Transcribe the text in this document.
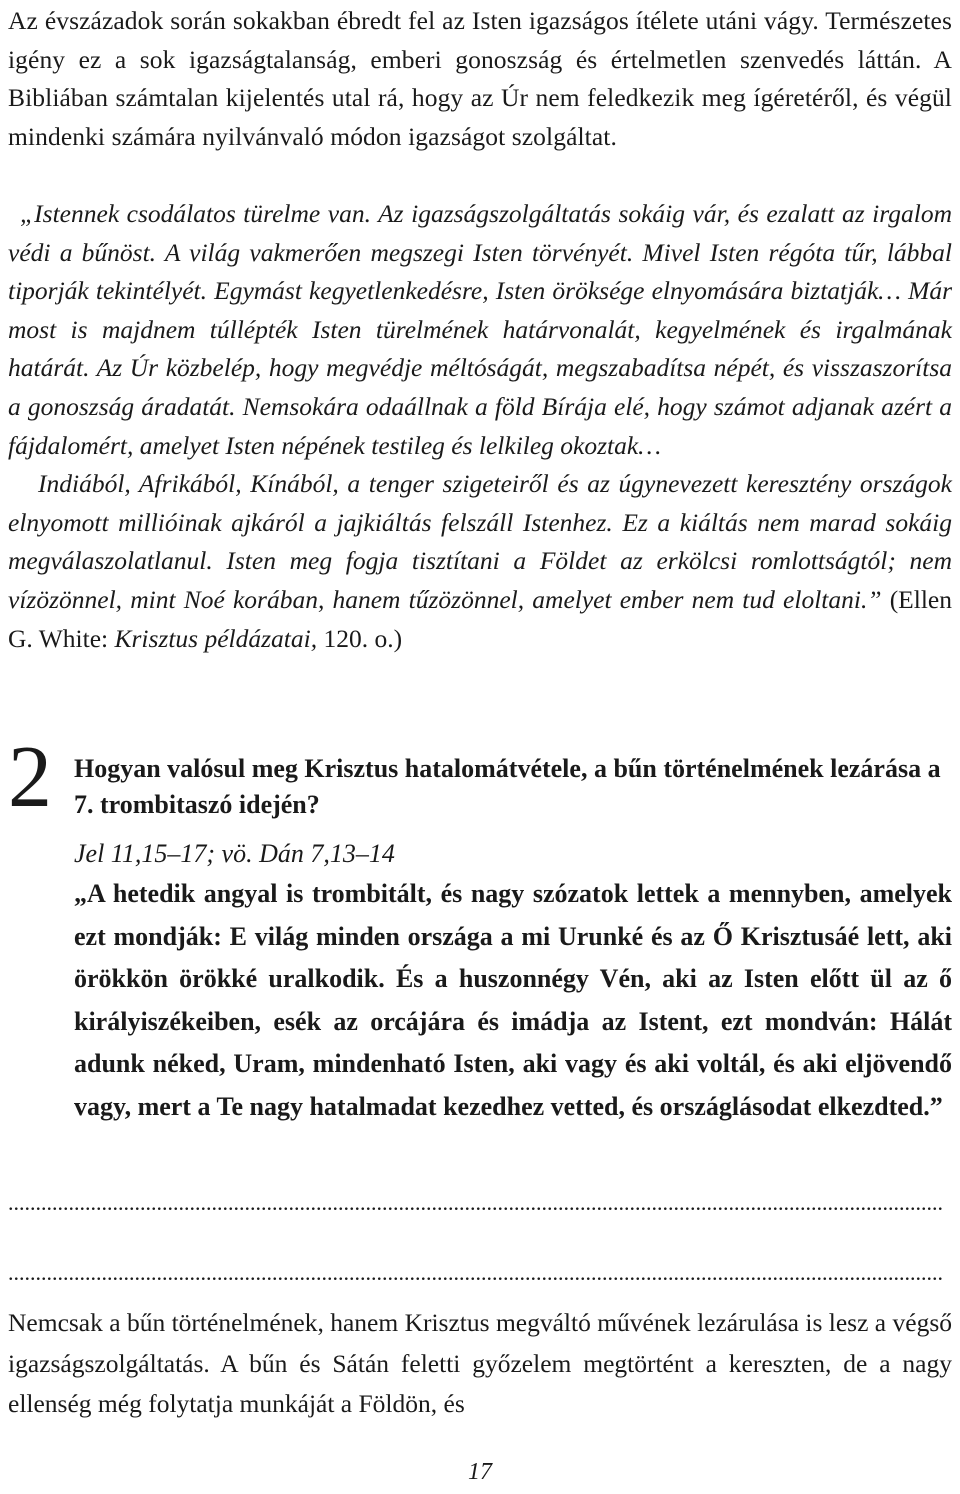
Az évszázadok során sokakban ébredt fel az Isten igazságos ítélete utáni vágy. Természetes igény ez a sok igazságtalanság, emberi gonoszság és értelmetlen szenvedés láttán. A Bibliában számtalan kijelentés utal rá, hogy az Úr nem feledkezik meg ígéretéről, és végül mindenki számára nyilvánvaló módon igazságot szolgáltat.

„Istennek csodálatos türelme van. Az igazságszolgáltatás sokáig vár, és ezalatt az irgalom védi a bűnöst. A világ vakmerően megszegi Isten törvényét. Mivel Isten régóta tűr, lábbal tiporják tekintélyét. Egymást kegyetlenkedésre, Isten öröksége elnyomására biztatják… Már most is majdnem túllépték Isten türelmének határvonalát, kegyelmének és irgalmának határát. Az Úr közbelép, hogy megvédje méltóságát, megszabadítsa népét, és visszaszorítsa a gonoszság áradatát. Nemsokára odaállnak a föld Bírája elé, hogy számot adjanak azért a fájdalomért, amelyet Isten népének testileg és lelkileg okoztak…
Indiából, Afrikából, Kínából, a tenger szigeteiről és az úgynevezett keresztény országok elnyomott millióinak ajkáról a jajkiáltás felszáll Istenhez. Ez a kiáltás nem marad sokáig megválaszolatlanul. Isten meg fogja tisztítani a Földet az erkölcsi romlottságtól; nem vízözönnel, mint Noé korában, hanem tűzözönnel, amelyet ember nem tud eloltani.” (Ellen G. White: Krisztus példázatai, 120. o.)

2 Hogyan valósul meg Krisztus hatalomátvétele, a bűn történelmének lezárása a 7. trombitaszó idején?

Jel 11,15–17; vö. Dán 7,13–14

„A hetedik angyal is trombitált, és nagy szózatok lettek a mennyben, amelyek ezt mondják: E világ minden országa a mi Urunké és az Ő Krisztusáé lett, aki örökkön örökké uralkodik. És a huszonnégy Vén, aki az Isten előtt ül az ő királyiszékeiben, esék az orcájára és imádja az Istent, ezt mondván: Hálát adunk néked, Uram, mindenható Isten, aki vagy és aki voltál, és aki eljövendő vagy, mert a Te nagy hatalmadat kezedhez vetted, és országlásodat elkezdted.”

..........................................................................................................................................................................
..........................................................................................................................................................................

Nemcsak a bűn történelmének, hanem Krisztus megváltó művének lezárulása is lesz a végső igazságszolgáltatás. A bűn és Sátán feletti győzelem megtörtént a kereszten, de a nagy ellenség még folytatja munkáját a Földön, és

17
